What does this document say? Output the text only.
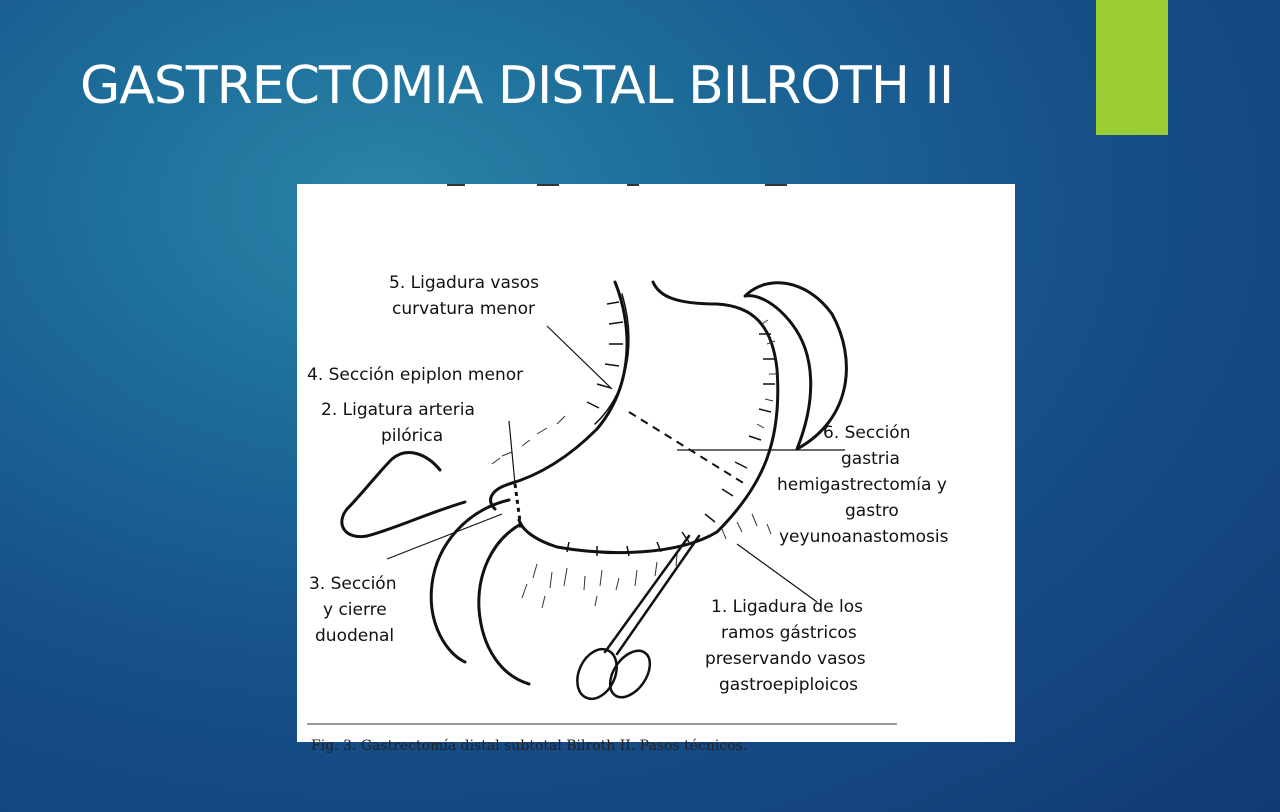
GASTRECTOMIA DISTAL BILROTH II
5. Ligadura vasos curvatura menor
4. Sección epiplon menor
2. Ligatura arteria pilórica	6. Sección gastria hemigastrectomía y gastro yeyunoanastomosis
3. Sección y cierre duodenal
1. Ligadura de los ramos gástricos preservando vasos gastroepiploicos
Fig. 3. Gastrectomía distal subtotal Bilroth II. Pasos técnicos.
